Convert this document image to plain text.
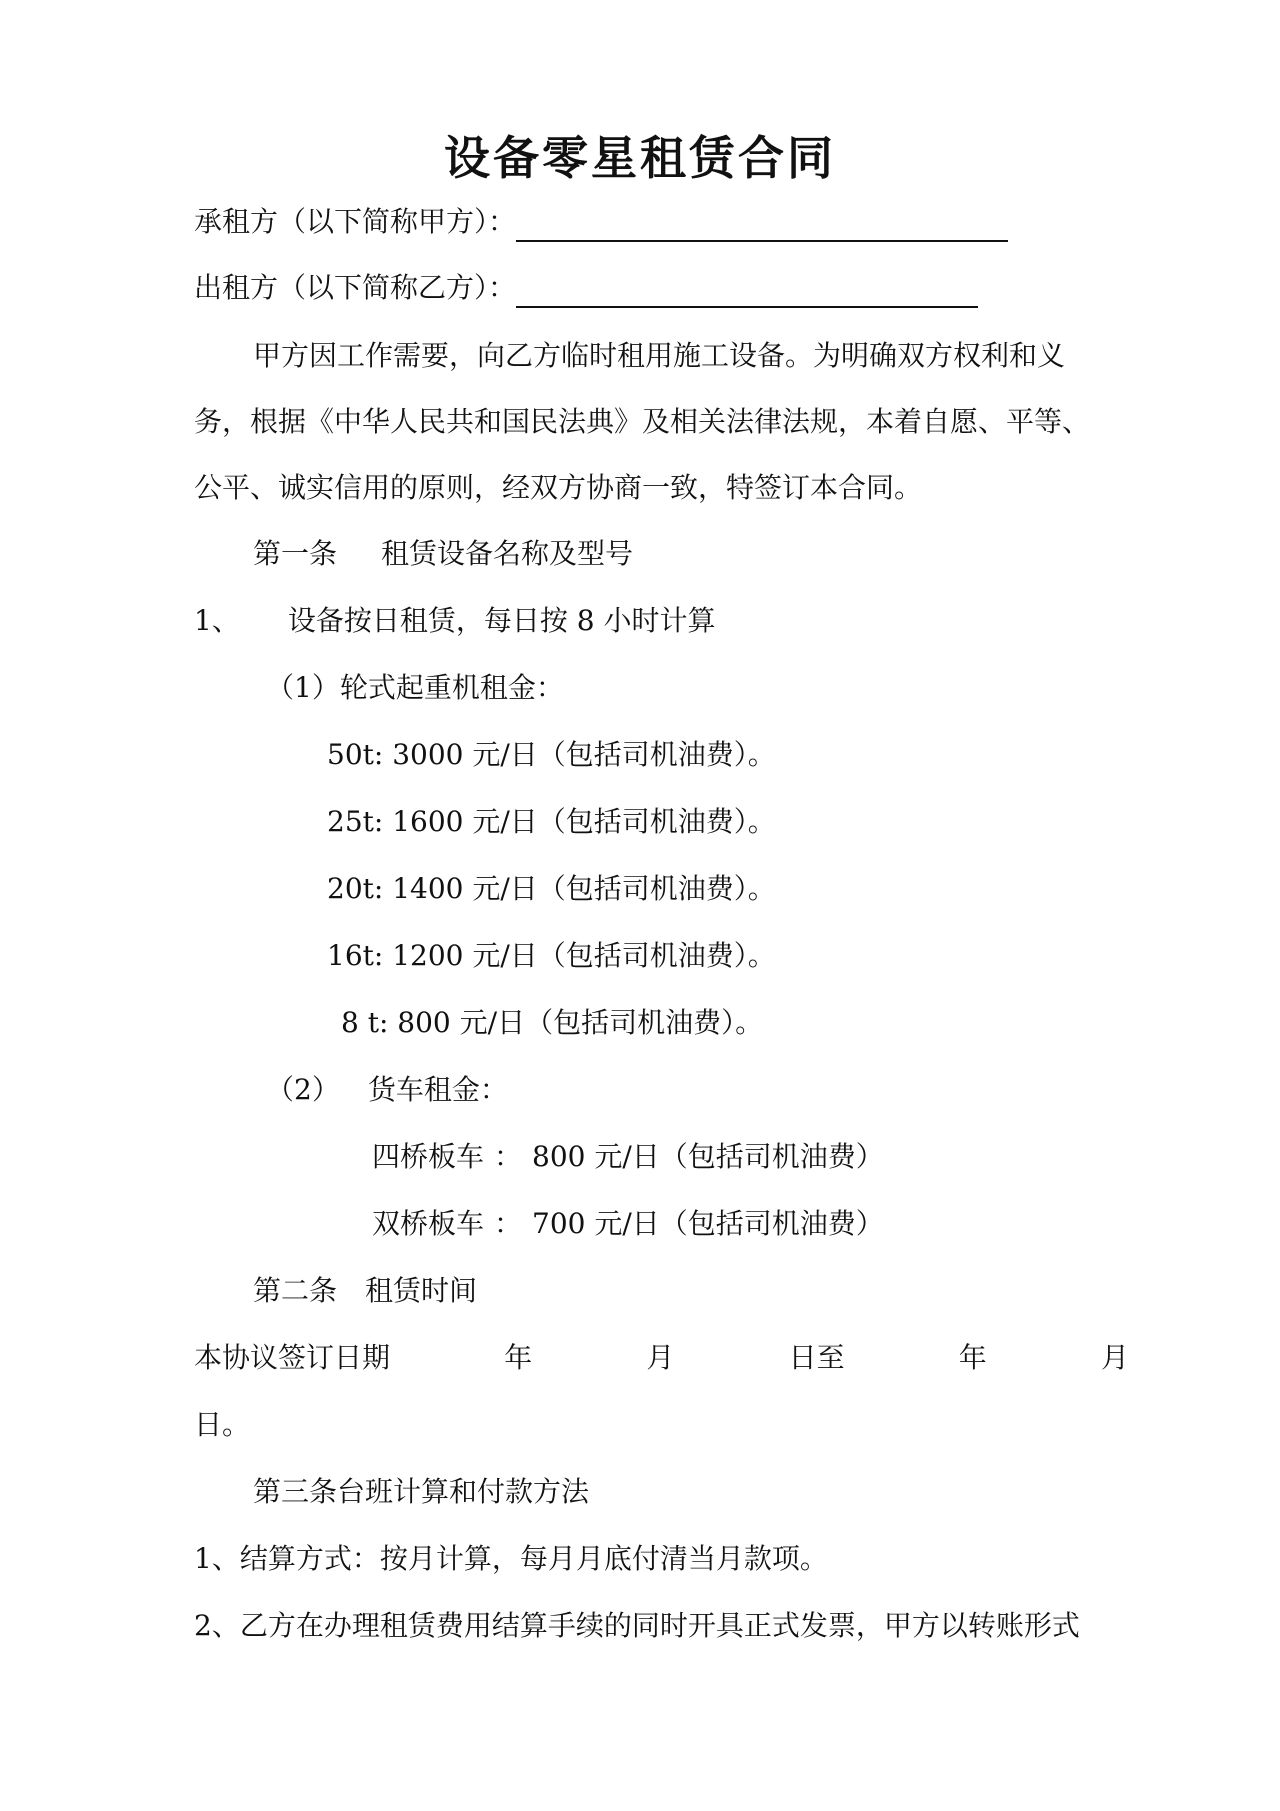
设备零星租赁合同
承租方（以下简称甲方）：
出租方（以下简称乙方）：
甲方因工作需要，向乙方临时租用施工设备。为明确双方权利和义
务，根据《中华人民共和国民法典》及相关法律法规，本着自愿、平等、
公平、诚实信用的原则，经双方协商一致，特签订本合同。
第一条 租赁设备名称及型号
1、 设备按日租赁，每日按 8 小时计算
（1）轮式起重机租金：
50t: 3000 元/日（包括司机油费）。
25t: 1600 元/日（包括司机油费）。
20t: 1400 元/日（包括司机油费）。
16t: 1200 元/日（包括司机油费）。
8 t: 800 元/日（包括司机油费）。
（2） 货车租金：
四桥板车 ： 800 元/日（包括司机油费）
双桥板车 ： 700 元/日（包括司机油费）
第二条 租赁时间
本协议签订日期	年	月	日至	年	月
日。
第三条台班计算和付款方法
1、结算方式：按月计算，每月月底付清当月款项。
2、乙方在办理租赁费用结算手续的同时开具正式发票，甲方以转账形式
